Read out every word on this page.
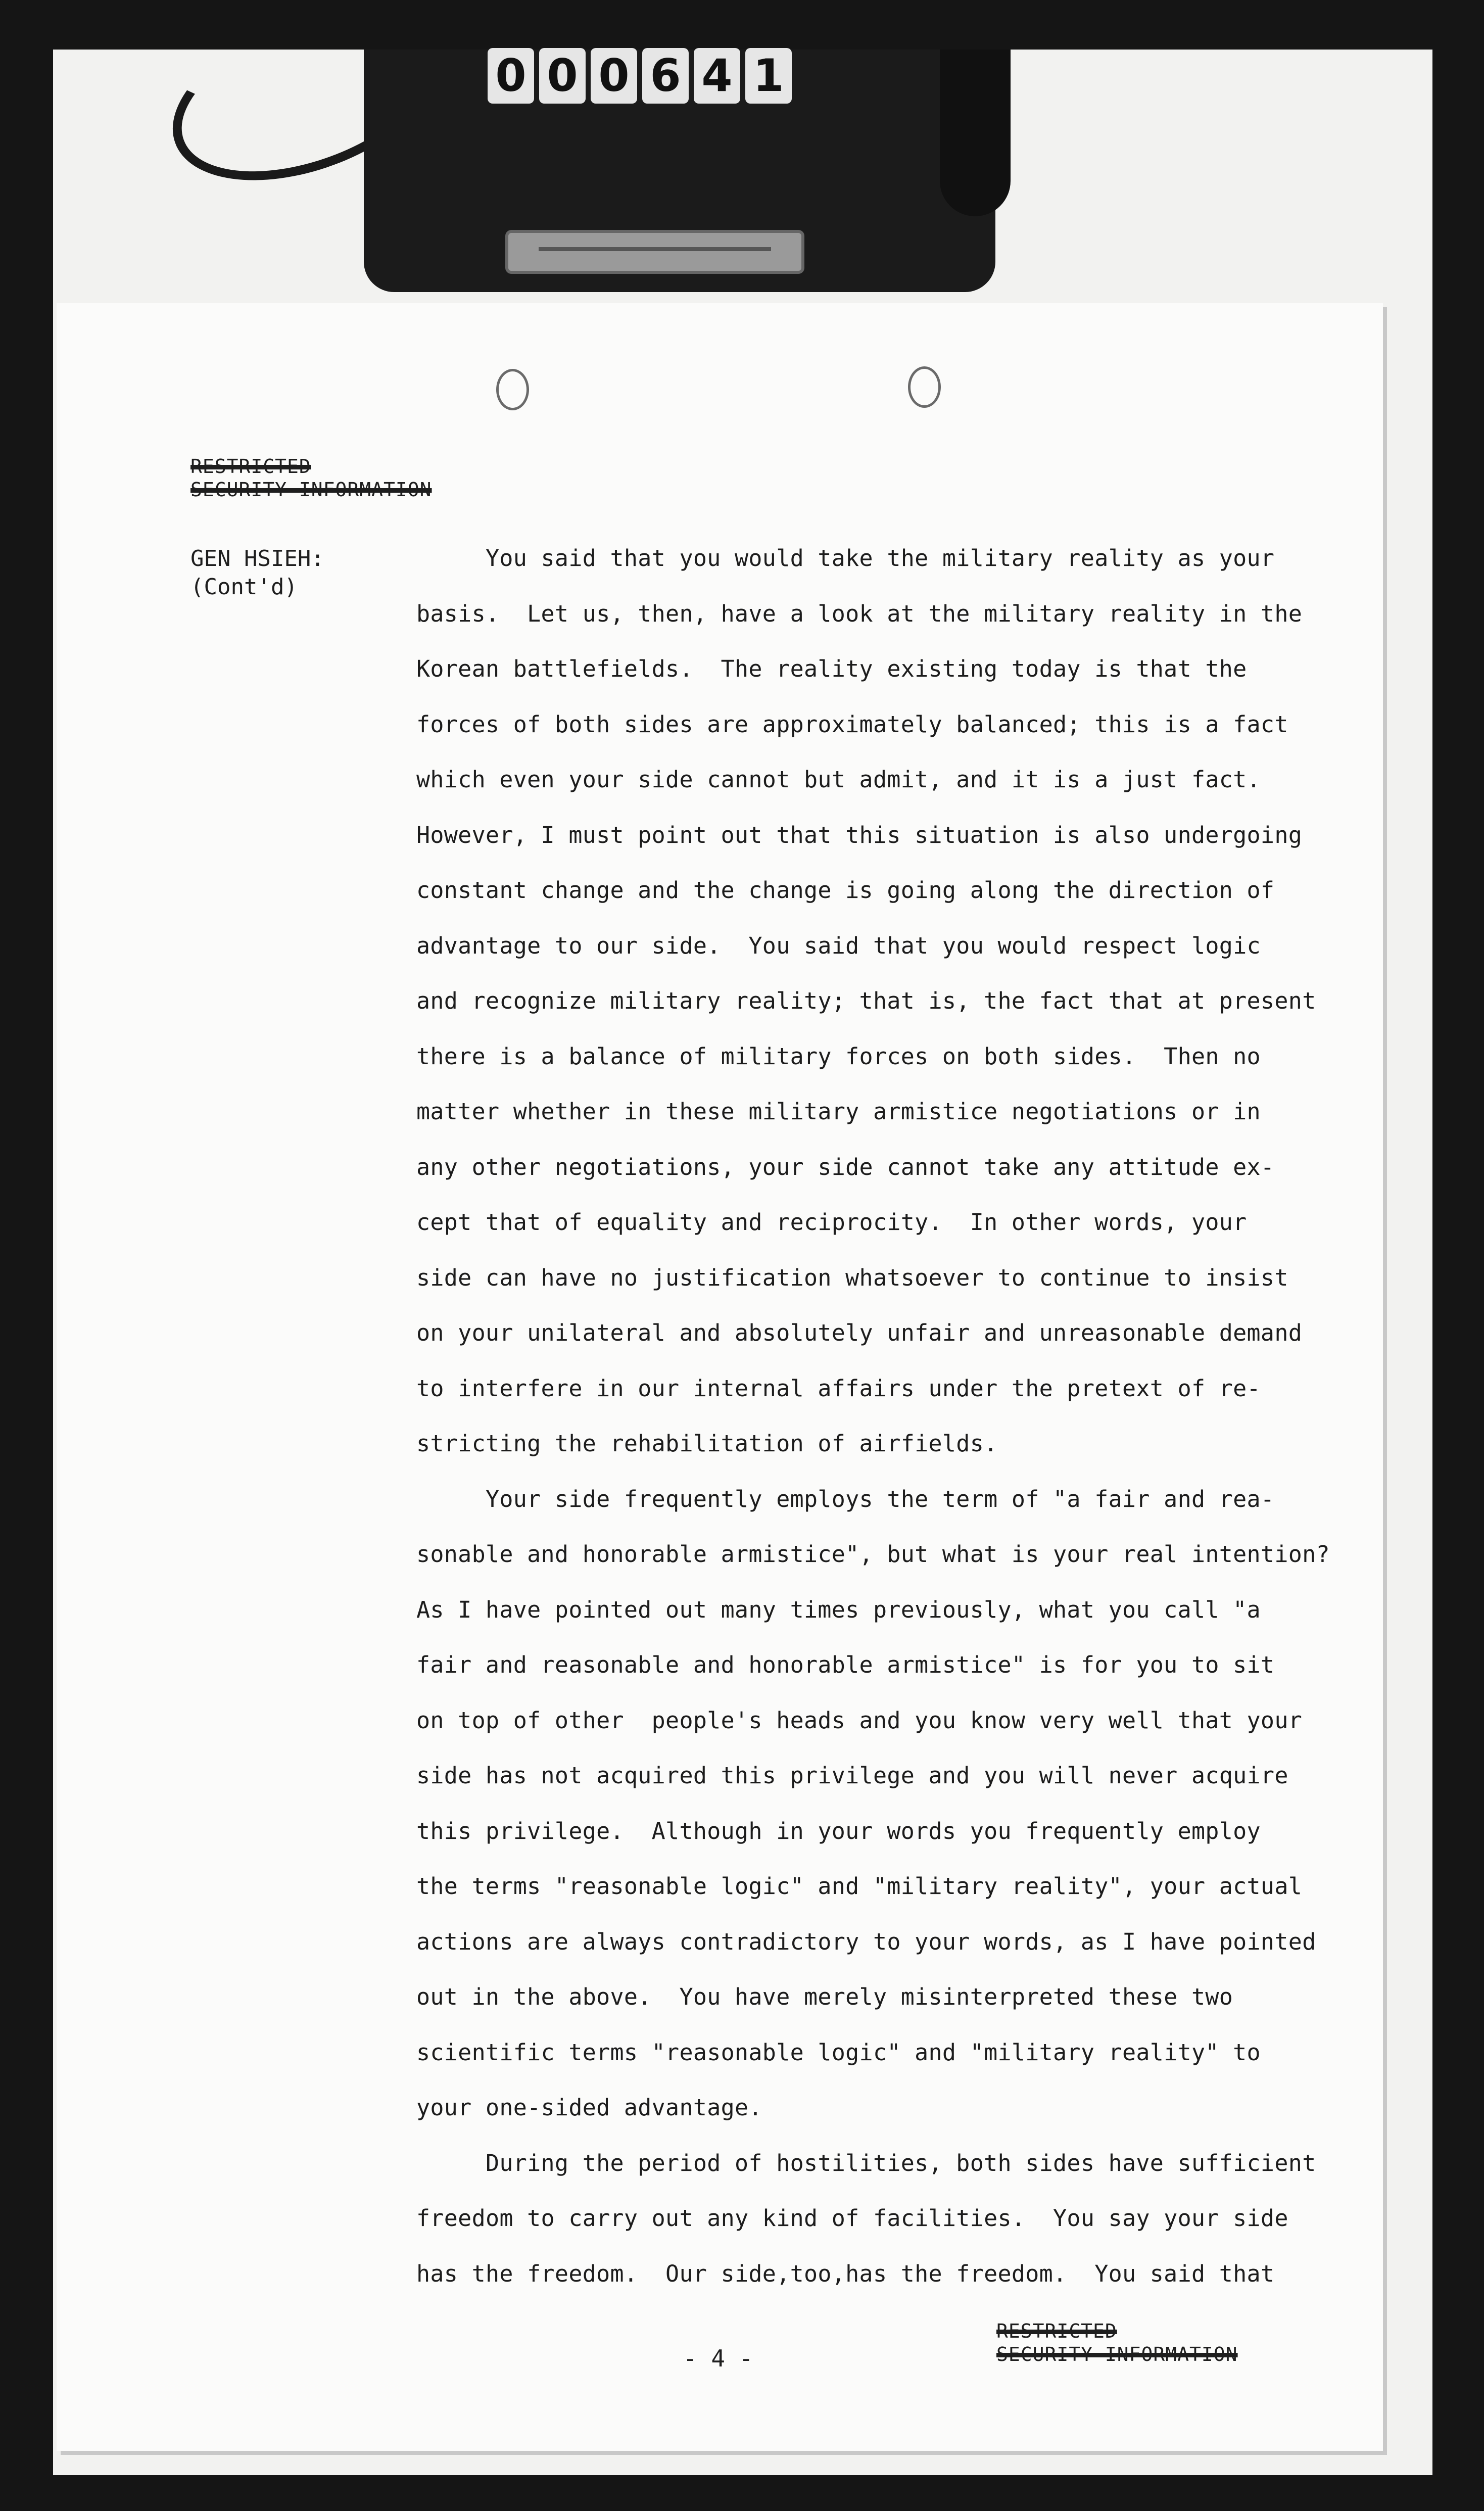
0 0 0 6 4 1
RESTRICTED
SECURITY INFORMATION
GEN HSIEH:
(Cont'd)
You said that you would take the military reality as your
basis.  Let us, then, have a look at the military reality in the
Korean battlefields.  The reality existing today is that the
forces of both sides are approximately balanced; this is a fact
which even your side cannot but admit, and it is a just fact.
However, I must point out that this situation is also undergoing
constant change and the change is going along the direction of
advantage to our side.  You said that you would respect logic
and recognize military reality; that is, the fact that at present
there is a balance of military forces on both sides.  Then no
matter whether in these military armistice negotiations or in
any other negotiations, your side cannot take any attitude ex-
cept that of equality and reciprocity.  In other words, your
side can have no justification whatsoever to continue to insist
on your unilateral and absolutely unfair and unreasonable demand
to interfere in our internal affairs under the pretext of re-
stricting the rehabilitation of airfields.
Your side frequently employs the term of "a fair and rea-
sonable and honorable armistice", but what is your real intention?
As I have pointed out many times previously, what you call "a
fair and reasonable and honorable armistice" is for you to sit
on top of other  people's heads and you know very well that your
side has not acquired this privilege and you will never acquire
this privilege.  Although in your words you frequently employ
the terms "reasonable logic" and "military reality", your actual
actions are always contradictory to your words, as I have pointed
out in the above.  You have merely misinterpreted these two
scientific terms "reasonable logic" and "military reality" to
your one-sided advantage.
During the period of hostilities, both sides have sufficient
freedom to carry out any kind of facilities.  You say your side
has the freedom.  Our side,too,has the freedom.  You said that
- 4 -
RESTRICTED
SECURITY INFORMATION
